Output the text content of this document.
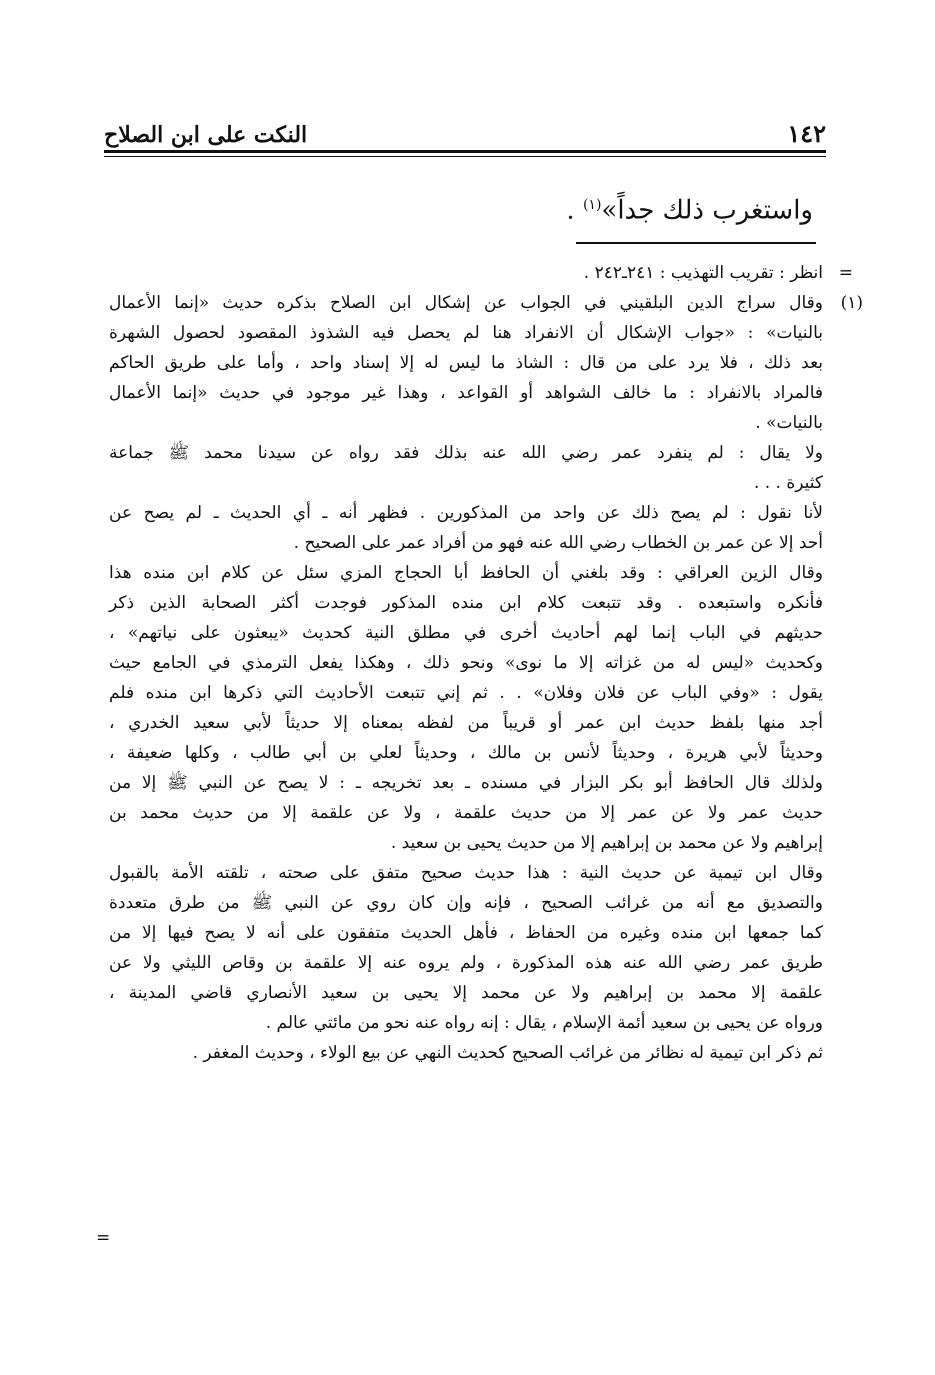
١٤٢
النكت على ابن الصلاح
واستغرب ذلك جداً»$^{(١)}$ .
=
انظر : تقريب التهذيب : ٢٤١ـ٢٤٢ .
(١)
وقال سراج الدين البلقيني في الجواب عن إشكال ابن الصلاح بذكره حديث «إنما الأعمال
بالنيات» : «جواب الإشكال أن الانفراد هنا لم يحصل فيه الشذوذ المقصود لحصول الشهرة
بعد ذلك ، فلا يرد على من قال : الشاذ ما ليس له إلا إسناد واحد ، وأما على طريق الحاكم
فالمراد بالانفراد : ما خالف الشواهد أو القواعد ، وهذا غير موجود في حديث «إنما الأعمال
بالنيات» .
ولا يقال : لم ينفرد عمر رضي الله عنه بذلك فقد رواه عن سيدنا محمد ﷺ جماعة
كثيرة . . .
لأنا نقول : لم يصح ذلك عن واحد من المذكورين . فظهر أنه ـ أي الحديث ـ لم يصح عن
أحد إلا عن عمر بن الخطاب رضي الله عنه فهو من أفراد عمر على الصحيح .
وقال الزين العراقي : وقد بلغني أن الحافظ أبا الحجاج المزي سئل عن كلام ابن منده هذا
فأنكره واستبعده . وقد تتبعت كلام ابن منده المذكور فوجدت أكثر الصحابة الذين ذكر
حديثهم في الباب إنما لهم أحاديث أخرى في مطلق النية كحديث «يبعثون على نياتهم» ،
وكحديث «ليس له من غزاته إلا ما نوى» ونحو ذلك ، وهكذا يفعل الترمذي في الجامع حيث
يقول : «وفي الباب عن فلان وفلان» . . ثم إني تتبعت الأحاديث التي ذكرها ابن منده فلم
أجد منها بلفظ حديث ابن عمر أو قريباً من لفظه بمعناه إلا حديثاً لأبي سعيد الخدري ،
وحديثاً لأبي هريرة ، وحديثاً لأنس بن مالك ، وحديثاً لعلي بن أبي طالب ، وكلها ضعيفة ،
ولذلك قال الحافظ أبو بكر البزار في مسنده ـ بعد تخريجه ـ : لا يصح عن النبي ﷺ إلا من
حديث عمر ولا عن عمر إلا من حديث علقمة ، ولا عن علقمة إلا من حديث محمد بن
إبراهيم ولا عن محمد بن إبراهيم إلا من حديث يحيى بن سعيد .
وقال ابن تيمية عن حديث النية : هذا حديث صحيح متفق على صحته ، تلقته الأمة بالقبول
والتصديق مع أنه من غرائب الصحيح ، فإنه وإن كان روي عن النبي ﷺ من طرق متعددة
كما جمعها ابن منده وغيره من الحفاظ ، فأهل الحديث متفقون على أنه لا يصح فيها إلا من
طريق عمر رضي الله عنه هذه المذكورة ، ولم يروه عنه إلا علقمة بن وقاص الليثي ولا عن
علقمة إلا محمد بن إبراهيم ولا عن محمد إلا يحيى بن سعيد الأنصاري قاضي المدينة ،
ورواه عن يحيى بن سعيد أئمة الإسلام ، يقال : إنه رواه عنه نحو من مائتي عالم .
ثم ذكر ابن تيمية له نظائر من غرائب الصحيح كحديث النهي عن بيع الولاء ، وحديث المغفر .
=
